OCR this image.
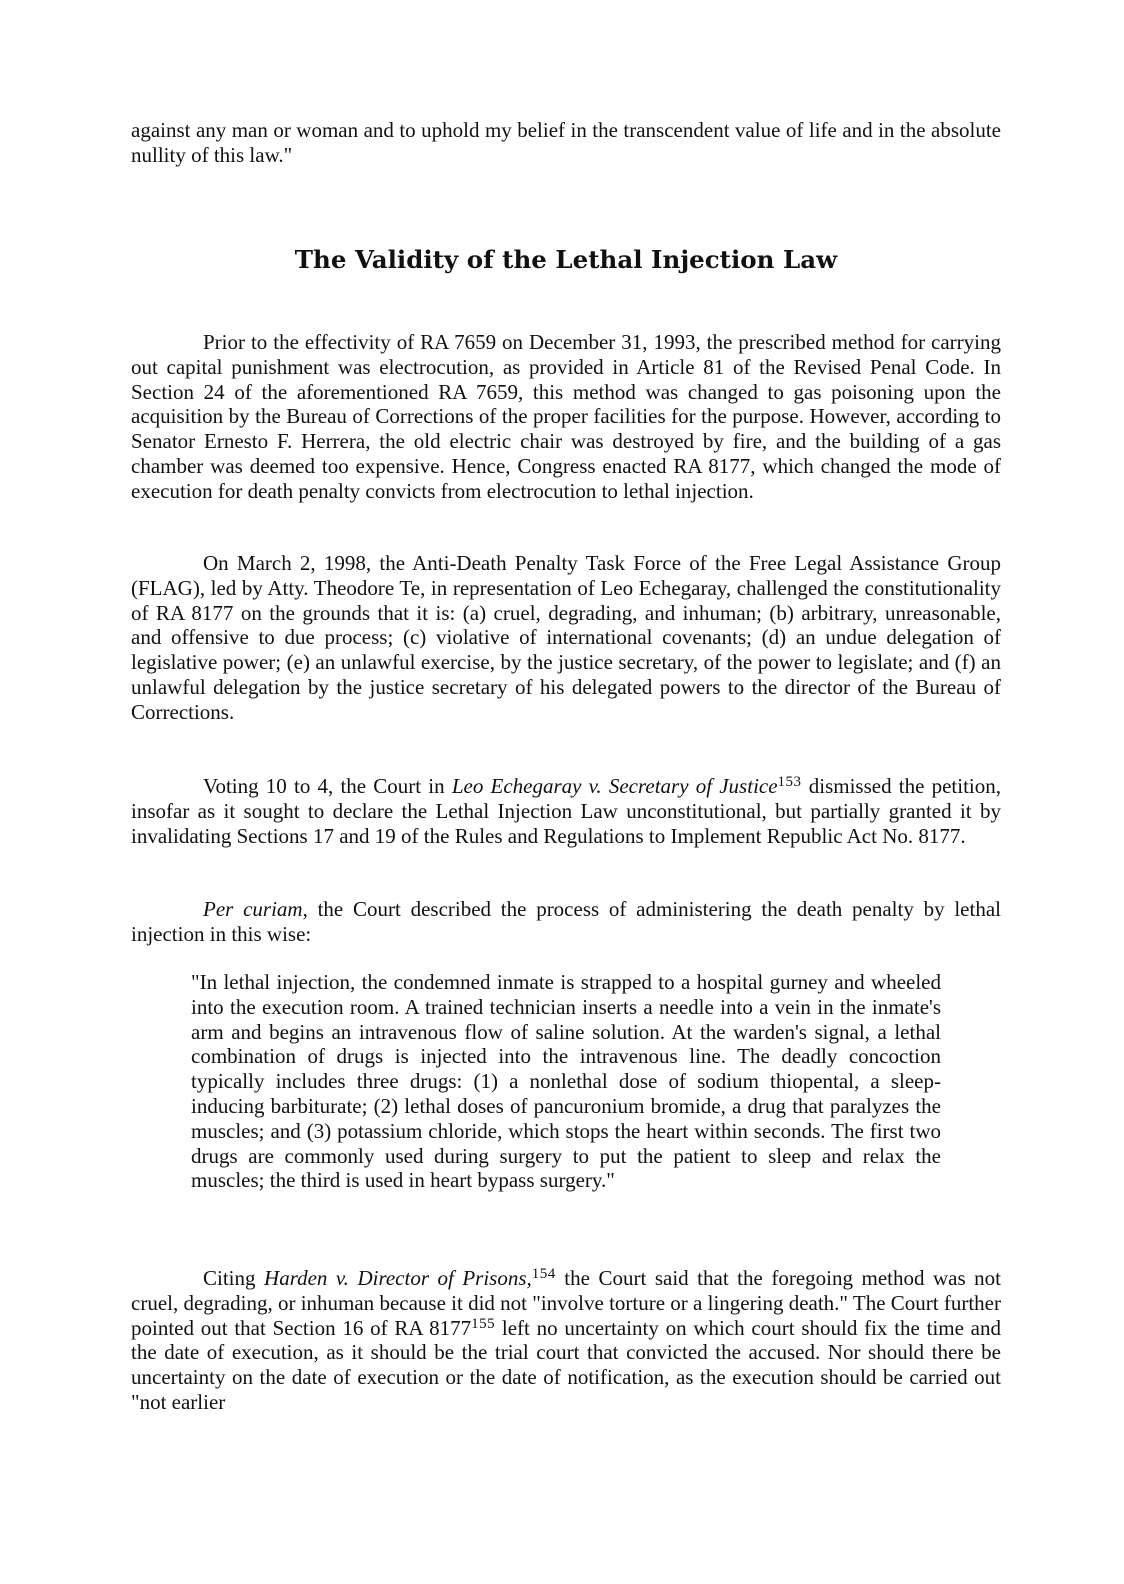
against any man or woman and to uphold my belief in the transcendent value of life and in the absolute nullity of this law."

The Validity of the Lethal Injection Law

Prior to the effectivity of RA 7659 on December 31, 1993, the prescribed method for carrying out capital punishment was electrocution, as provided in Article 81 of the Revised Penal Code. In Section 24 of the aforementioned RA 7659, this method was changed to gas poisoning upon the acquisition by the Bureau of Corrections of the proper facilities for the purpose. However, according to Senator Ernesto F. Herrera, the old electric chair was destroyed by fire, and the building of a gas chamber was deemed too expensive. Hence, Congress enacted RA 8177, which changed the mode of execution for death penalty convicts from electrocution to lethal injection.

On March 2, 1998, the Anti-Death Penalty Task Force of the Free Legal Assistance Group (FLAG), led by Atty. Theodore Te, in representation of Leo Echegaray, challenged the constitutionality of RA 8177 on the grounds that it is: (a) cruel, degrading, and inhuman; (b) arbitrary, unreasonable, and offensive to due process; (c) violative of international covenants; (d) an undue delegation of legislative power; (e) an unlawful exercise, by the justice secretary, of the power to legislate; and (f) an unlawful delegation by the justice secretary of his delegated powers to the director of the Bureau of Corrections.

Voting 10 to 4, the Court in Leo Echegaray v. Secretary of Justice$^{153}$ dismissed the petition, insofar as it sought to declare the Lethal Injection Law unconstitutional, but partially granted it by invalidating Sections 17 and 19 of the Rules and Regulations to Implement Republic Act No. 8177.

Per curiam, the Court described the process of administering the death penalty by lethal injection in this wise:

"In lethal injection, the condemned inmate is strapped to a hospital gurney and wheeled into the execution room. A trained technician inserts a needle into a vein in the inmate's arm and begins an intravenous flow of saline solution. At the warden's signal, a lethal combination of drugs is injected into the intravenous line. The deadly concoction typically includes three drugs: (1) a nonlethal dose of sodium thiopental, a sleep-inducing barbiturate; (2) lethal doses of pancuronium bromide, a drug that paralyzes the muscles; and (3) potassium chloride, which stops the heart within seconds. The first two drugs are commonly used during surgery to put the patient to sleep and relax the muscles; the third is used in heart bypass surgery."

Citing Harden v. Director of Prisons,$^{154}$ the Court said that the foregoing method was not cruel, degrading, or inhuman because it did not "involve torture or a lingering death." The Court further pointed out that Section 16 of RA 8177$^{155}$ left no uncertainty on which court should fix the time and the date of execution, as it should be the trial court that convicted the accused. Nor should there be uncertainty on the date of execution or the date of notification, as the execution should be carried out "not earlier
